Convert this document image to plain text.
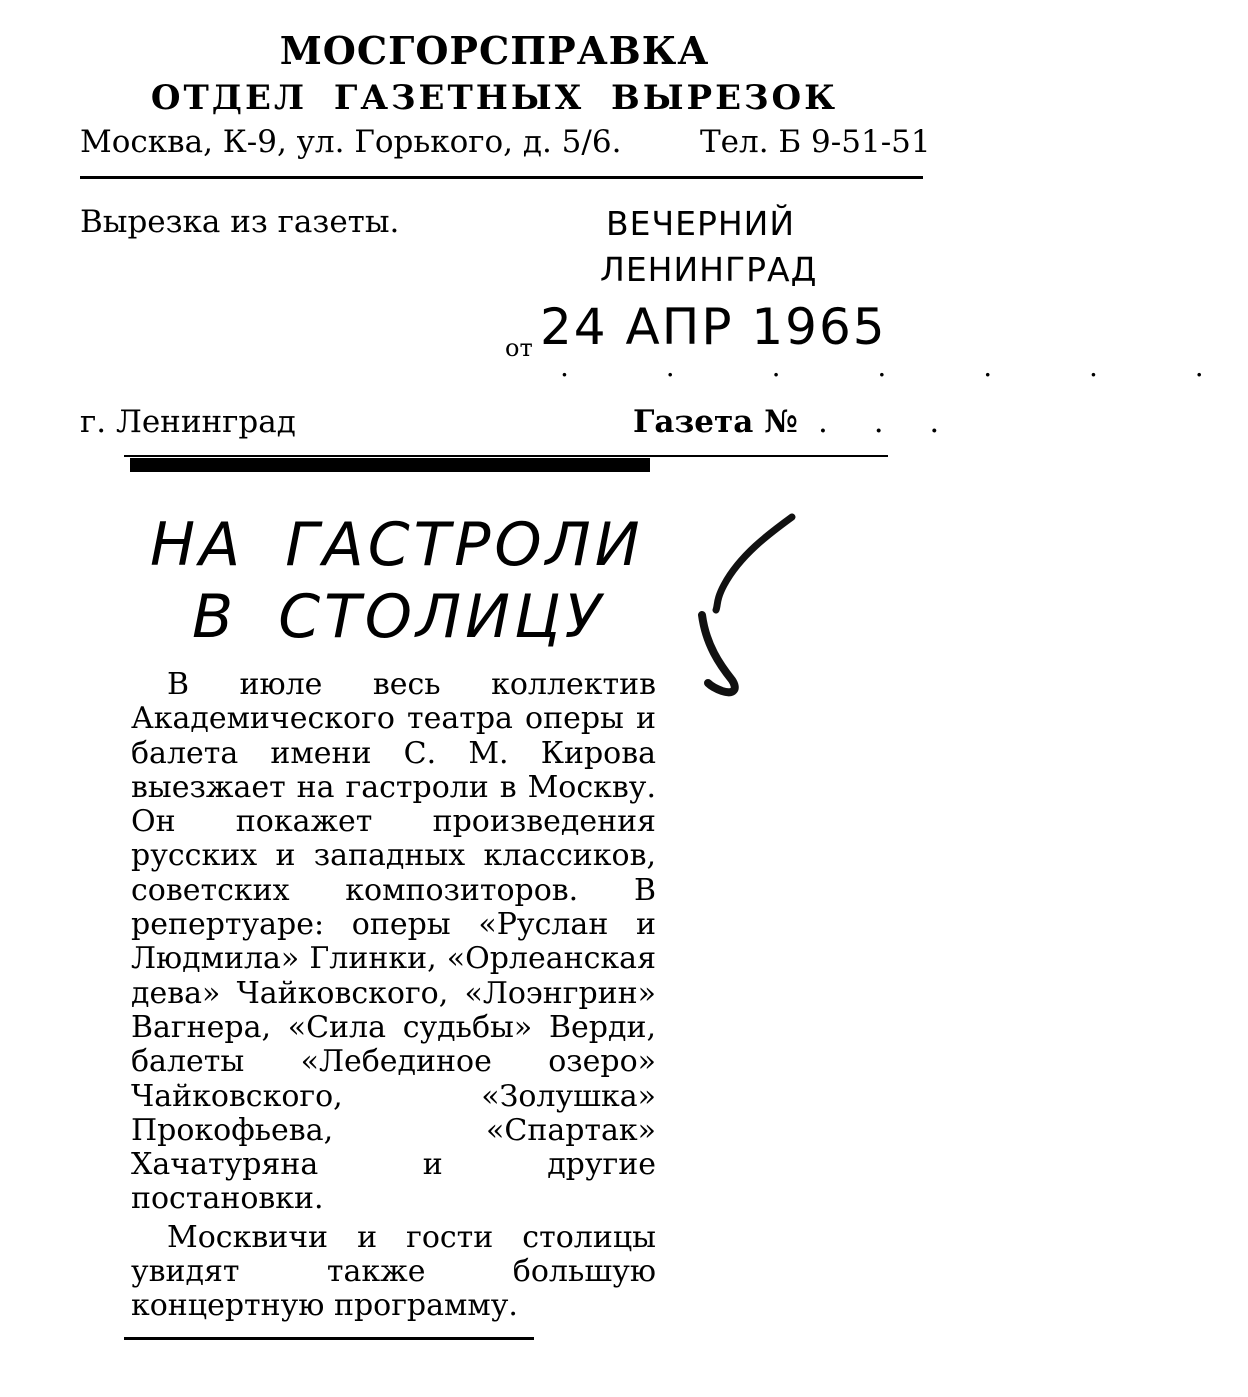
МОСГОРСПРАВКА
ОТДЕЛ ГАЗЕТНЫХ ВЫРЕЗОК
Москва, К-9, ул. Горького, д. 5/6.	Тел. Б 9-51-51
Вырезка из газеты.	ВЕЧЕРНИЙ
ЛЕНИНГРАД
от 24 АПР 1965
. . . . . . .
г. Ленинград	Газета № . . .
НА ГАСТРОЛИ
В СТОЛИЦУ

В июле весь коллектив Академического театра оперы и балета имени С. М. Кирова выезжает на гастроли в Москву. Он покажет произведения русских и западных классиков, советских композиторов. В репертуаре: оперы «Руслан и Людмила» Глинки, «Орлеанская дева» Чайковского, «Лоэнгрин» Вагнера, «Сила судьбы» Верди, балеты «Лебединое озеро» Чайковского, «Золушка» Прокофьева, «Спартак» Хачатуряна и другие постановки.

Москвичи и гости столицы увидят также большую концертную программу.
